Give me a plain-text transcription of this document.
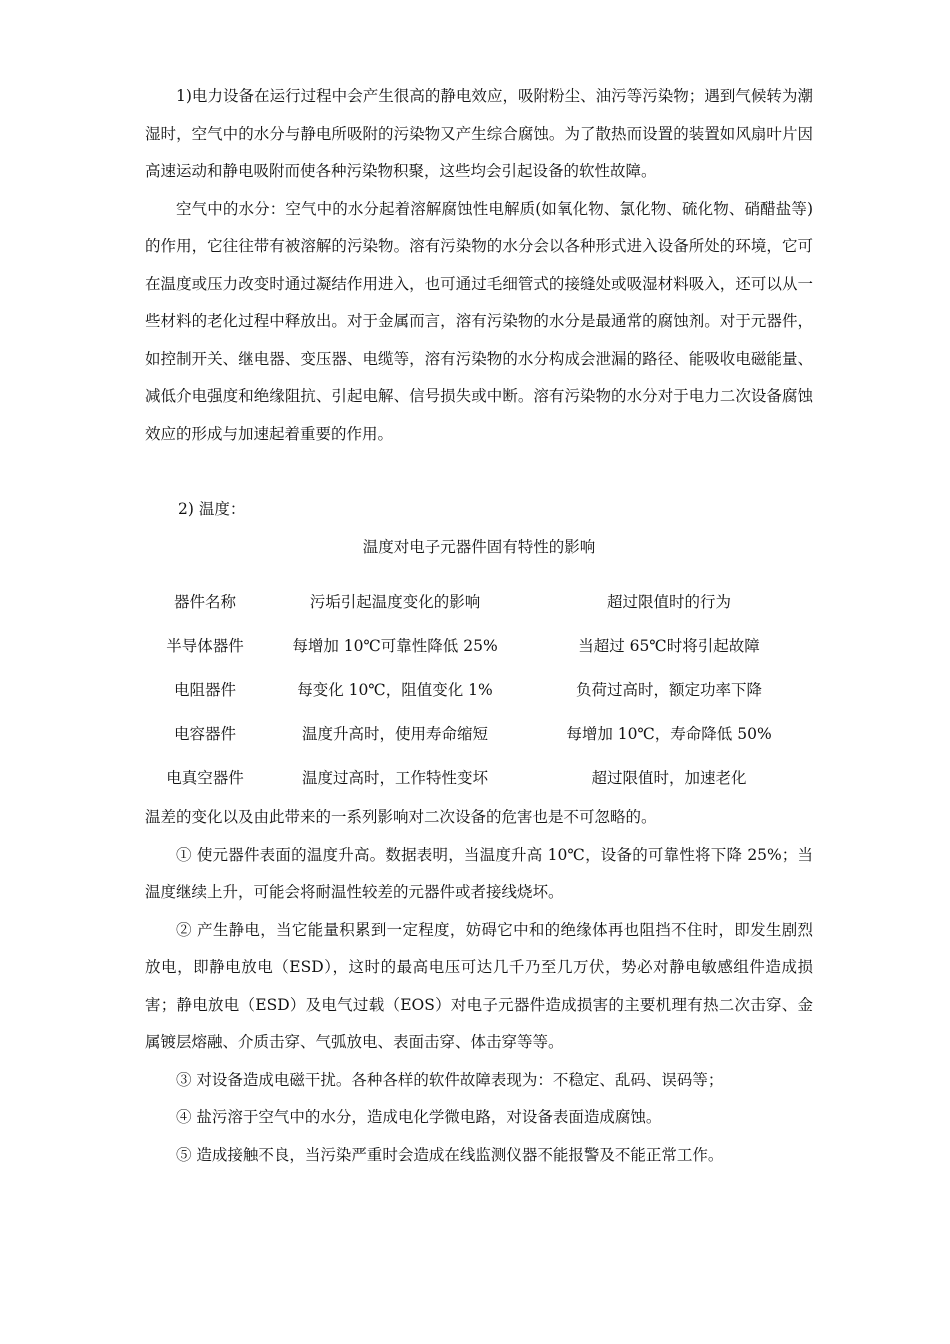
1)电力设备在运行过程中会产生很高的静电效应，吸附粉尘、油污等污染物；遇到气候转为潮湿时，空气中的水分与静电所吸附的污染物又产生综合腐蚀。为了散热而设置的装置如风扇叶片因高速运动和静电吸附而使各种污染物积聚，这些均会引起设备的软性故障。

空气中的水分：空气中的水分起着溶解腐蚀性电解质(如氧化物、氯化物、硫化物、硝醋盐等)的作用，它往往带有被溶解的污染物。溶有污染物的水分会以各种形式进入设备所处的环境，它可在温度或压力改变时通过凝结作用进入，也可通过毛细管式的接缝处或吸湿材料吸入，还可以从一些材料的老化过程中释放出。对于金属而言，溶有污染物的水分是最通常的腐蚀剂。对于元器件，如控制开关、继电器、变压器、电缆等，溶有污染物的水分构成会泄漏的路径、能吸收电磁能量、减低介电强度和绝缘阻抗、引起电解、信号损失或中断。溶有污染物的水分对于电力二次设备腐蚀效应的形成与加速起着重要的作用。

2) 温度：

温度对电子元器件固有特性的影响

器件名称	污垢引起温度变化的影响	超过限值时的行为
半导体器件	每增加 10℃可靠性降低 25%	当超过 65℃时将引起故障
电阻器件	每变化 10℃，阻值变化 1%	负荷过高时，额定功率下降
电容器件	温度升高时，使用寿命缩短	每增加 10℃，寿命降低 50%
电真空器件	温度过高时，工作特性变坏	超过限值时，加速老化

温差的变化以及由此带来的一系列影响对二次设备的危害也是不可忽略的。

① 使元器件表面的温度升高。数据表明，当温度升高 10℃，设备的可靠性将下降 25%；当温度继续上升，可能会将耐温性较差的元器件或者接线烧坏。

② 产生静电，当它能量积累到一定程度，妨碍它中和的绝缘体再也阻挡不住时，即发生剧烈放电，即静电放电（ESD），这时的最高电压可达几千乃至几万伏，势必对静电敏感组件造成损害；静电放电（ESD）及电气过载（EOS）对电子元器件造成损害的主要机理有热二次击穿、金属镀层熔融、介质击穿、气弧放电、表面击穿、体击穿等等。

③ 对设备造成电磁干扰。各种各样的软件故障表现为：不稳定、乱码、误码等；

④ 盐污溶于空气中的水分，造成电化学微电路，对设备表面造成腐蚀。

⑤ 造成接触不良，当污染严重时会造成在线监测仪器不能报警及不能正常工作。
